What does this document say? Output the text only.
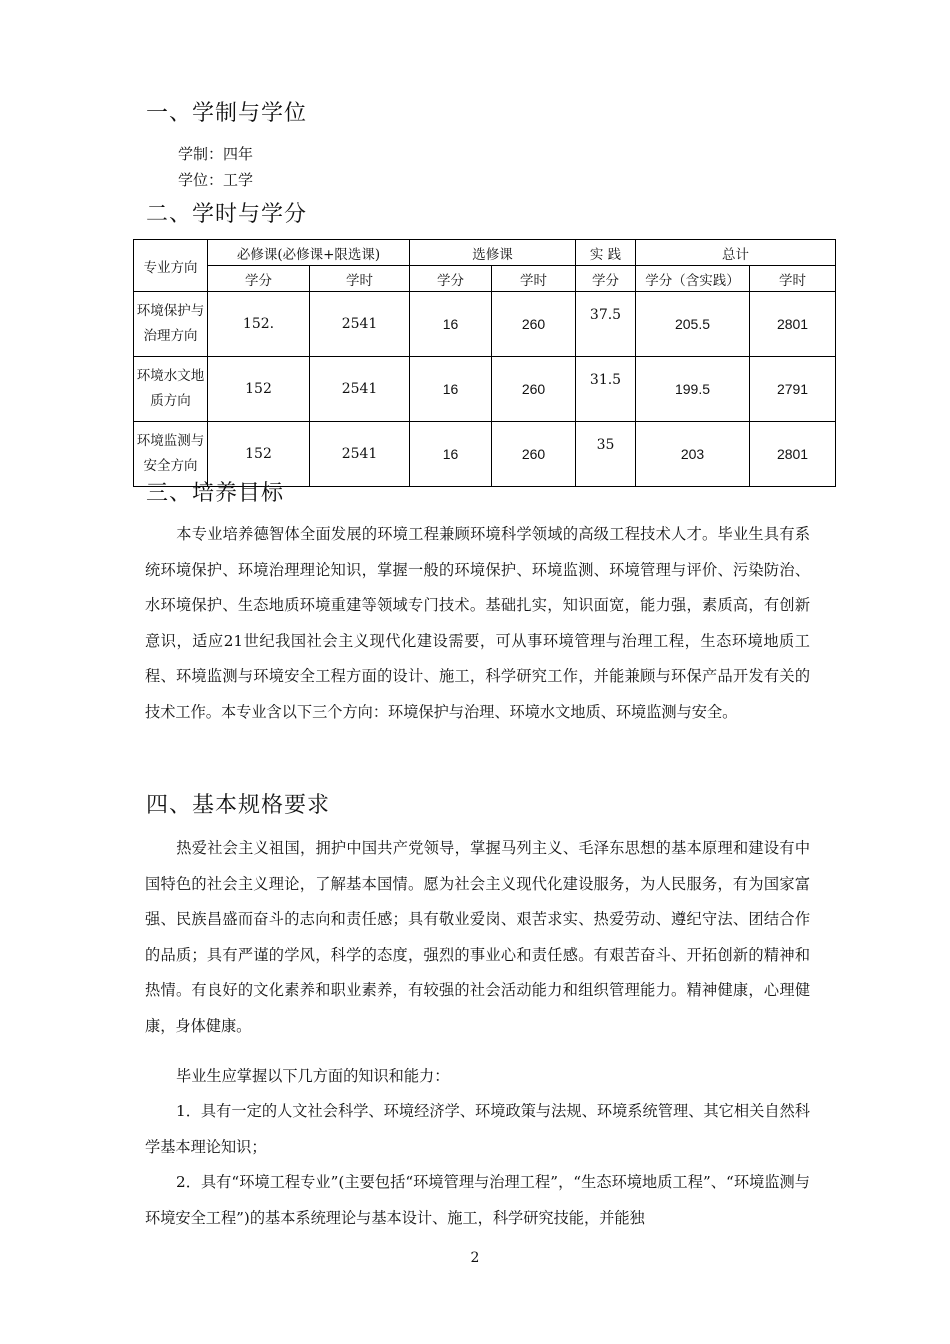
一、学制与学位
学制：四年
学位：工学
二、学时与学分
专业方向	必修课(必修课+限选课)		选修课		实 践	总计	
	学分	学时	学分	学时	学分	学分（含实践）	学时
环境保护与
治理方向	152.	2541	16	260	37.5	205.5	2801
环境水文地
质方向	152	2541	16	260	31.5	199.5	2791
环境监测与
安全方向	152	2541	16	260	35	203	2801
三、培养目标
本专业培养德智体全面发展的环境工程兼顾环境科学领域的高级工程技术人才。毕业生具有系统环境保护、环境治理理论知识，掌握一般的环境保护、环境监测、环境管理与评价、污染防治、水环境保护、生态地质环境重建等领域专门技术。基础扎实，知识面宽，能力强，素质高，有创新意识，适应21世纪我国社会主义现代化建设需要，可从事环境管理与治理工程，生态环境地质工程、环境监测与环境安全工程方面的设计、施工，科学研究工作，并能兼顾与环保产品开发有关的技术工作。本专业含以下三个方向：环境保护与治理、环境水文地质、环境监测与安全。
四、基本规格要求
热爱社会主义祖国，拥护中国共产党领导，掌握马列主义、毛泽东思想的基本原理和建设有中国特色的社会主义理论，了解基本国情。愿为社会主义现代化建设服务，为人民服务，有为国家富强、民族昌盛而奋斗的志向和责任感；具有敬业爱岗、艰苦求实、热爱劳动、遵纪守法、团结合作的品质；具有严谨的学风，科学的态度，强烈的事业心和责任感。有艰苦奋斗、开拓创新的精神和热情。有良好的文化素养和职业素养，有较强的社会活动能力和组织管理能力。精神健康，心理健康，身体健康。
毕业生应掌握以下几方面的知识和能力：
1．具有一定的人文社会科学、环境经济学、环境政策与法规、环境系统管理、其它相关自然科学基本理论知识；
2．具有“环境工程专业”(主要包括“环境管理与治理工程”，“生态环境地质工程”、“环境监测与环境安全工程”)的基本系统理论与基本设计、施工，科学研究技能，并能独
2
